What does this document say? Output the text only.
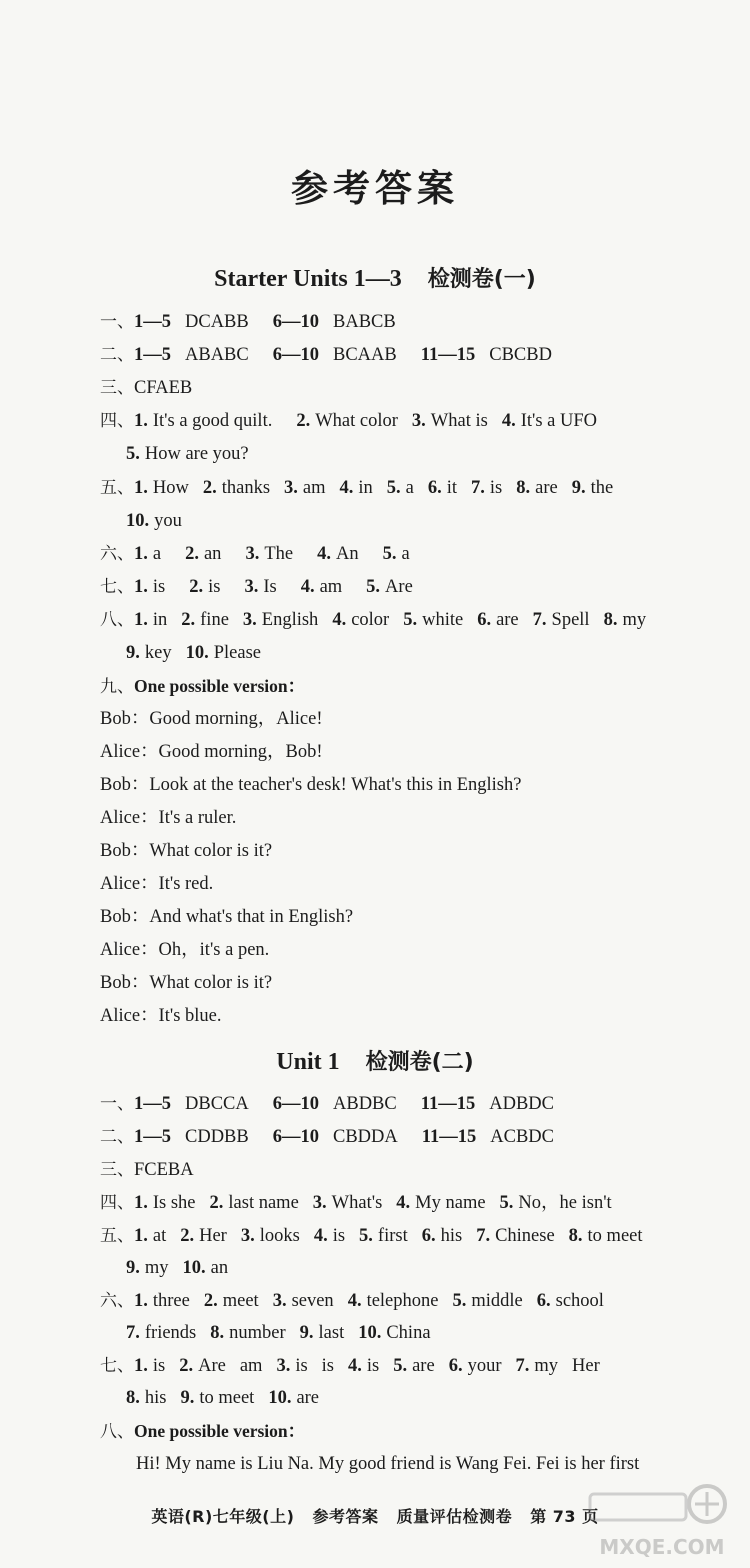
参考答案
Starter Units 1—3 检测卷(一)
一、1—5 DCABB 6—10 BABCB
二、1—5 ABABC 6—10 BCAAB 11—15 CBCBD
三、CFAEB
四、1. It's a good quilt. 2. What color 3. What is 4. It's a UFO
5. How are you?
五、1. How 2. thanks 3. am 4. in 5. a 6. it 7. is 8. are 9. the
10. you
六、1. a 2. an 3. The 4. An 5. a
七、1. is 2. is 3. Is 4. am 5. Are
八、1. in 2. fine 3. English 4. color 5. white 6. are 7. Spell 8. my
9. key 10. Please
九、One possible version：
Bob：Good morning，Alice!
Alice：Good morning，Bob!
Bob：Look at the teacher's desk! What's this in English?
Alice：It's a ruler.
Bob：What color is it?
Alice：It's red.
Bob：And what's that in English?
Alice：Oh，it's a pen.
Bob：What color is it?
Alice：It's blue.
Unit 1 检测卷(二)
一、1—5 DBCCA 6—10 ABDBC 11—15 ADBDC
二、1—5 CDDBB 6—10 CBDDA 11—15 ACBDC
三、FCEBA
四、1. Is she 2. last name 3. What's 4. My name 5. No，he isn't
五、1. at 2. Her 3. looks 4. is 5. first 6. his 7. Chinese 8. to meet
9. my 10. an
六、1. three 2. meet 3. seven 4. telephone 5. middle 6. school
7. friends 8. number 9. last 10. China
七、1. is 2. Are am 3. is is 4. is 5. are 6. your 7. my Her
8. his 9. to meet 10. are
八、One possible version：
Hi! My name is Liu Na. My good friend is Wang Fei. Fei is her first
英语(R)七年级(上) 参考答案 质量评估检测卷 第 73 页
MXQE.COM
